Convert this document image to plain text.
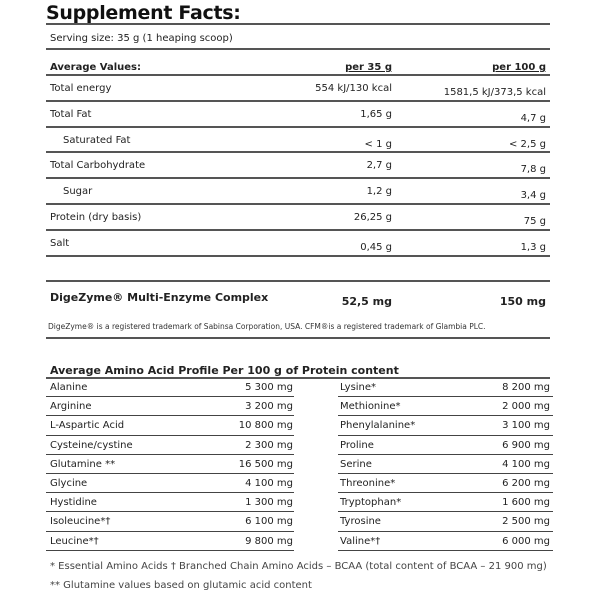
Supplement Facts:
Serving size: 35 g (1 heaping scoop)
Average Values:	per 35 g	per 100 g
Total energy	554 kJ/130 kcal	1581,5 kJ/373,5 kcal
Total Fat	1,65 g	4,7 g
Saturated Fat	< 1 g	< 2,5 g
Total Carbohydrate	2,7 g	7,8 g
Sugar	1,2 g	3,4 g
Protein (dry basis)	26,25 g	75 g
Salt	0,45 g	1,3 g
DigeZyme® Multi-Enzyme Complex	52,5 mg	150 mg
DigeZyme® is a registered trademark of Sabinsa Corporation, USA. CFM®is a registered trademark of Glambia PLC.
Average Amino Acid Profile Per 100 g of Protein content
Alanine	5 300 mg
Arginine	3 200 mg
L-Aspartic Acid	10 800 mg
Cysteine/cystine	2 300 mg
Glutamine **	16 500 mg
Glycine	4 100 mg
Hystidine	1 300 mg
Isoleucine*†	6 100 mg
Leucine*†	9 800 mg
Lysine*	8 200 mg
Methionine*	2 000 mg
Phenylalanine*	3 100 mg
Proline	6 900 mg
Serine	4 100 mg
Threonine*	6 200 mg
Tryptophan*	1 600 mg
Tyrosine	2 500 mg
Valine*†	6 000 mg
* Essential Amino Acids † Branched Chain Amino Acids – BCAA (total content of BCAA – 21 900 mg)
** Glutamine values based on glutamic acid content
